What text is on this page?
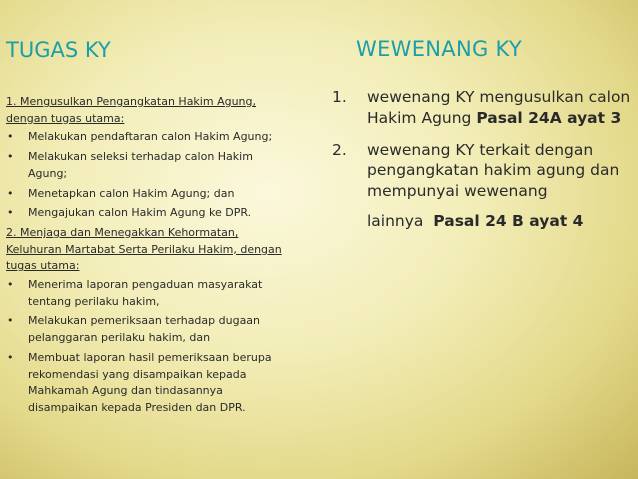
TUGAS KY	WEWENANG KY
1. Mengusulkan Pengangkatan Hakim Agung, dengan tugas utama:
• Melakukan pendaftaran calon Hakim Agung;
• Melakukan seleksi terhadap calon Hakim Agung;
• Menetapkan calon Hakim Agung; dan
• Mengajukan calon Hakim Agung ke DPR.
2. Menjaga dan Menegakkan Kehormatan, Keluhuran Martabat Serta Perilaku Hakim, dengan tugas utama:
• Menerima laporan pengaduan masyarakat tentang perilaku hakim,
• Melakukan pemeriksaan terhadap dugaan pelanggaran perilaku hakim, dan
• Membuat laporan hasil pemeriksaan berupa rekomendasi yang disampaikan kepada Mahkamah Agung dan tindasannya disampaikan kepada Presiden dan DPR.
1. wewenang KY mengusulkan calon Hakim Agung Pasal 24A ayat 3
2. wewenang KY terkait dengan pengangkatan hakim agung dan mempunyai wewenang
lainnya Pasal 24 B ayat 4
